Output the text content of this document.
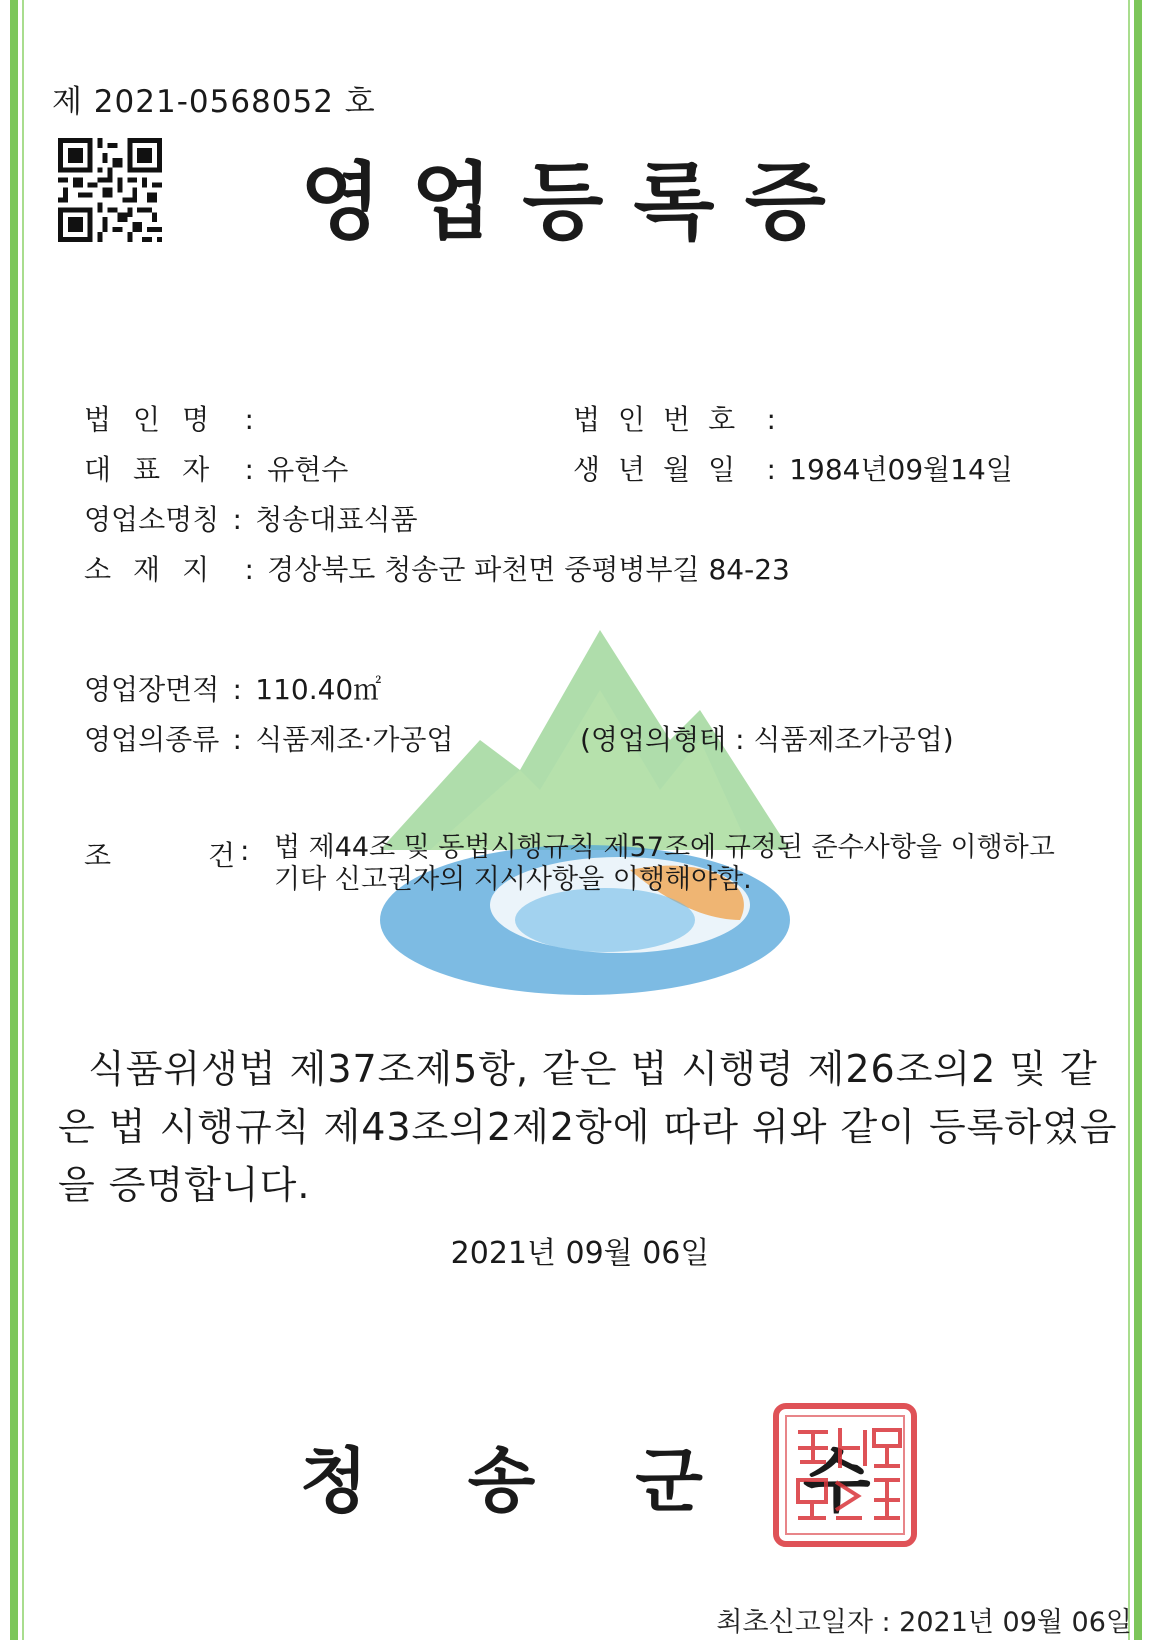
제 2021-0568052 호
영업등록증
법인명 :	법인번호 :
대표자 : 유현수	생년월일 : 1984년09월14일
영업소명칭 : 청송대표식품
소재지 : 경상북도 청송군 파천면 중평병부길 84-23
영업장면적 : 110.40㎡
영업의종류 : 식품제조·가공업	(영업의형태 : 식품제조가공업)
조	건 : 법 제44조 및 동법시행규칙 제57조에 규정된 준수사항을 이행하고 기타 신고권자의 지시사항을 이행해야함.
식품위생법 제37조제5항, 같은 법 시행령 제26조의2 및 같은 법 시행규칙 제43조의2제2항에 따라 위와 같이 등록하였음을 증명합니다.
2021년 09월 06일
청송군수
최초신고일자 : 2021년 09월 06일
